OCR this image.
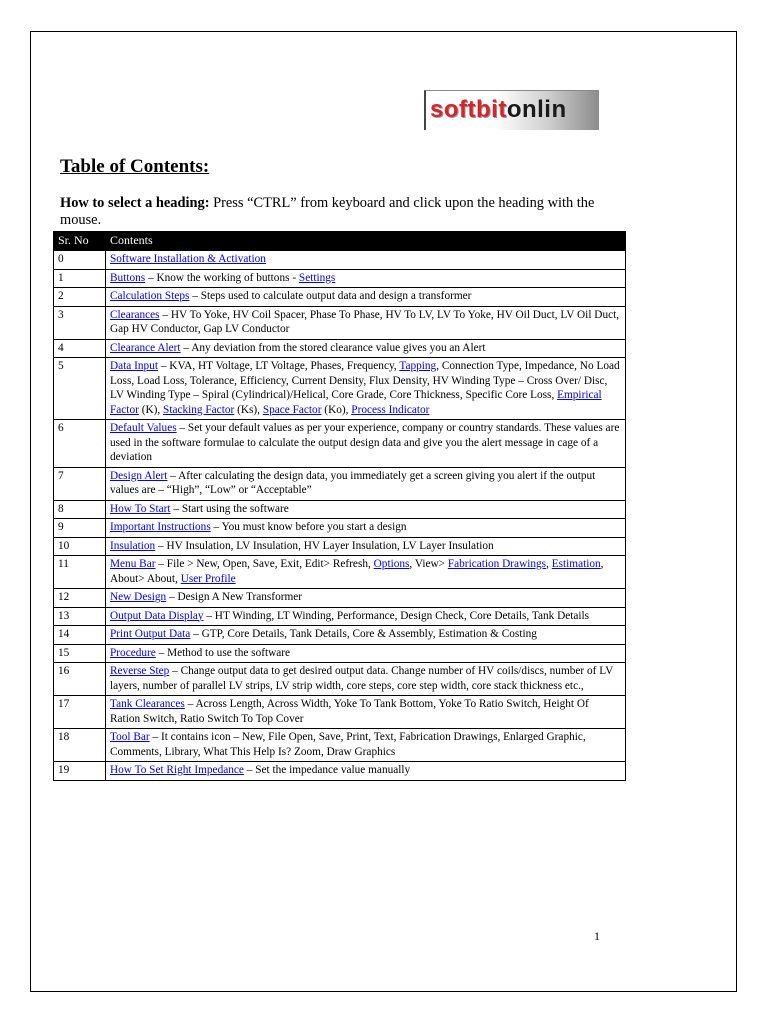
softbitonlin
Table of Contents:

How to select a heading: Press “CTRL” from keyboard and click upon the heading with the mouse.

Sr. No	Contents
0	Software Installation & Activation
1	Buttons – Know the working of buttons - Settings
2	Calculation Steps – Steps used to calculate output data and design a transformer
3	Clearances – HV To Yoke, HV Coil Spacer, Phase To Phase, HV To LV, LV To Yoke, HV Oil Duct, LV Oil Duct, Gap HV Conductor, Gap LV Conductor
4	Clearance Alert – Any deviation from the stored clearance value gives you an Alert
5	Data Input – KVA, HT Voltage, LT Voltage, Phases, Frequency, Tapping, Connection Type, Impedance, No Load Loss, Load Loss, Tolerance, Efficiency, Current Density, Flux Density, HV Winding Type – Cross Over/ Disc, LV Winding Type – Spiral (Cylindrical)/Helical, Core Grade, Core Thickness, Specific Core Loss, Empirical Factor (K), Stacking Factor (Ks), Space Factor (Ko), Process Indicator
6	Default Values – Set your default values as per your experience, company or country standards. These values are used in the software formulae to calculate the output design data and give you the alert message in cage of a deviation
7	Design Alert – After calculating the design data, you immediately get a screen giving you alert if the output values are – “High”, “Low” or “Acceptable”
8	How To Start – Start using the software
9	Important Instructions – You must know before you start a design
10	Insulation – HV Insulation, LV Insulation, HV Layer Insulation, LV Layer Insulation
11	Menu Bar – File > New, Open, Save, Exit, Edit> Refresh, Options, View> Fabrication Drawings, Estimation, About> About, User Profile
12	New Design – Design A New Transformer
13	Output Data Display – HT Winding, LT Winding, Performance, Design Check, Core Details, Tank Details
14	Print Output Data – GTP, Core Details, Tank Details, Core & Assembly, Estimation & Costing
15	Procedure – Method to use the software
16	Reverse Step – Change output data to get desired output data. Change number of HV coils/discs, number of LV layers, number of parallel LV strips, LV strip width, core steps, core step width, core stack thickness etc.,
17	Tank Clearances – Across Length, Across Width, Yoke To Tank Bottom, Yoke To Ratio Switch, Height Of Ration Switch, Ratio Switch To Top Cover
18	Tool Bar – It contains icon – New, File Open, Save, Print, Text, Fabrication Drawings, Enlarged Graphic, Comments, Library, What This Help Is? Zoom, Draw Graphics
19	How To Set Right Impedance – Set the impedance value manually
1
